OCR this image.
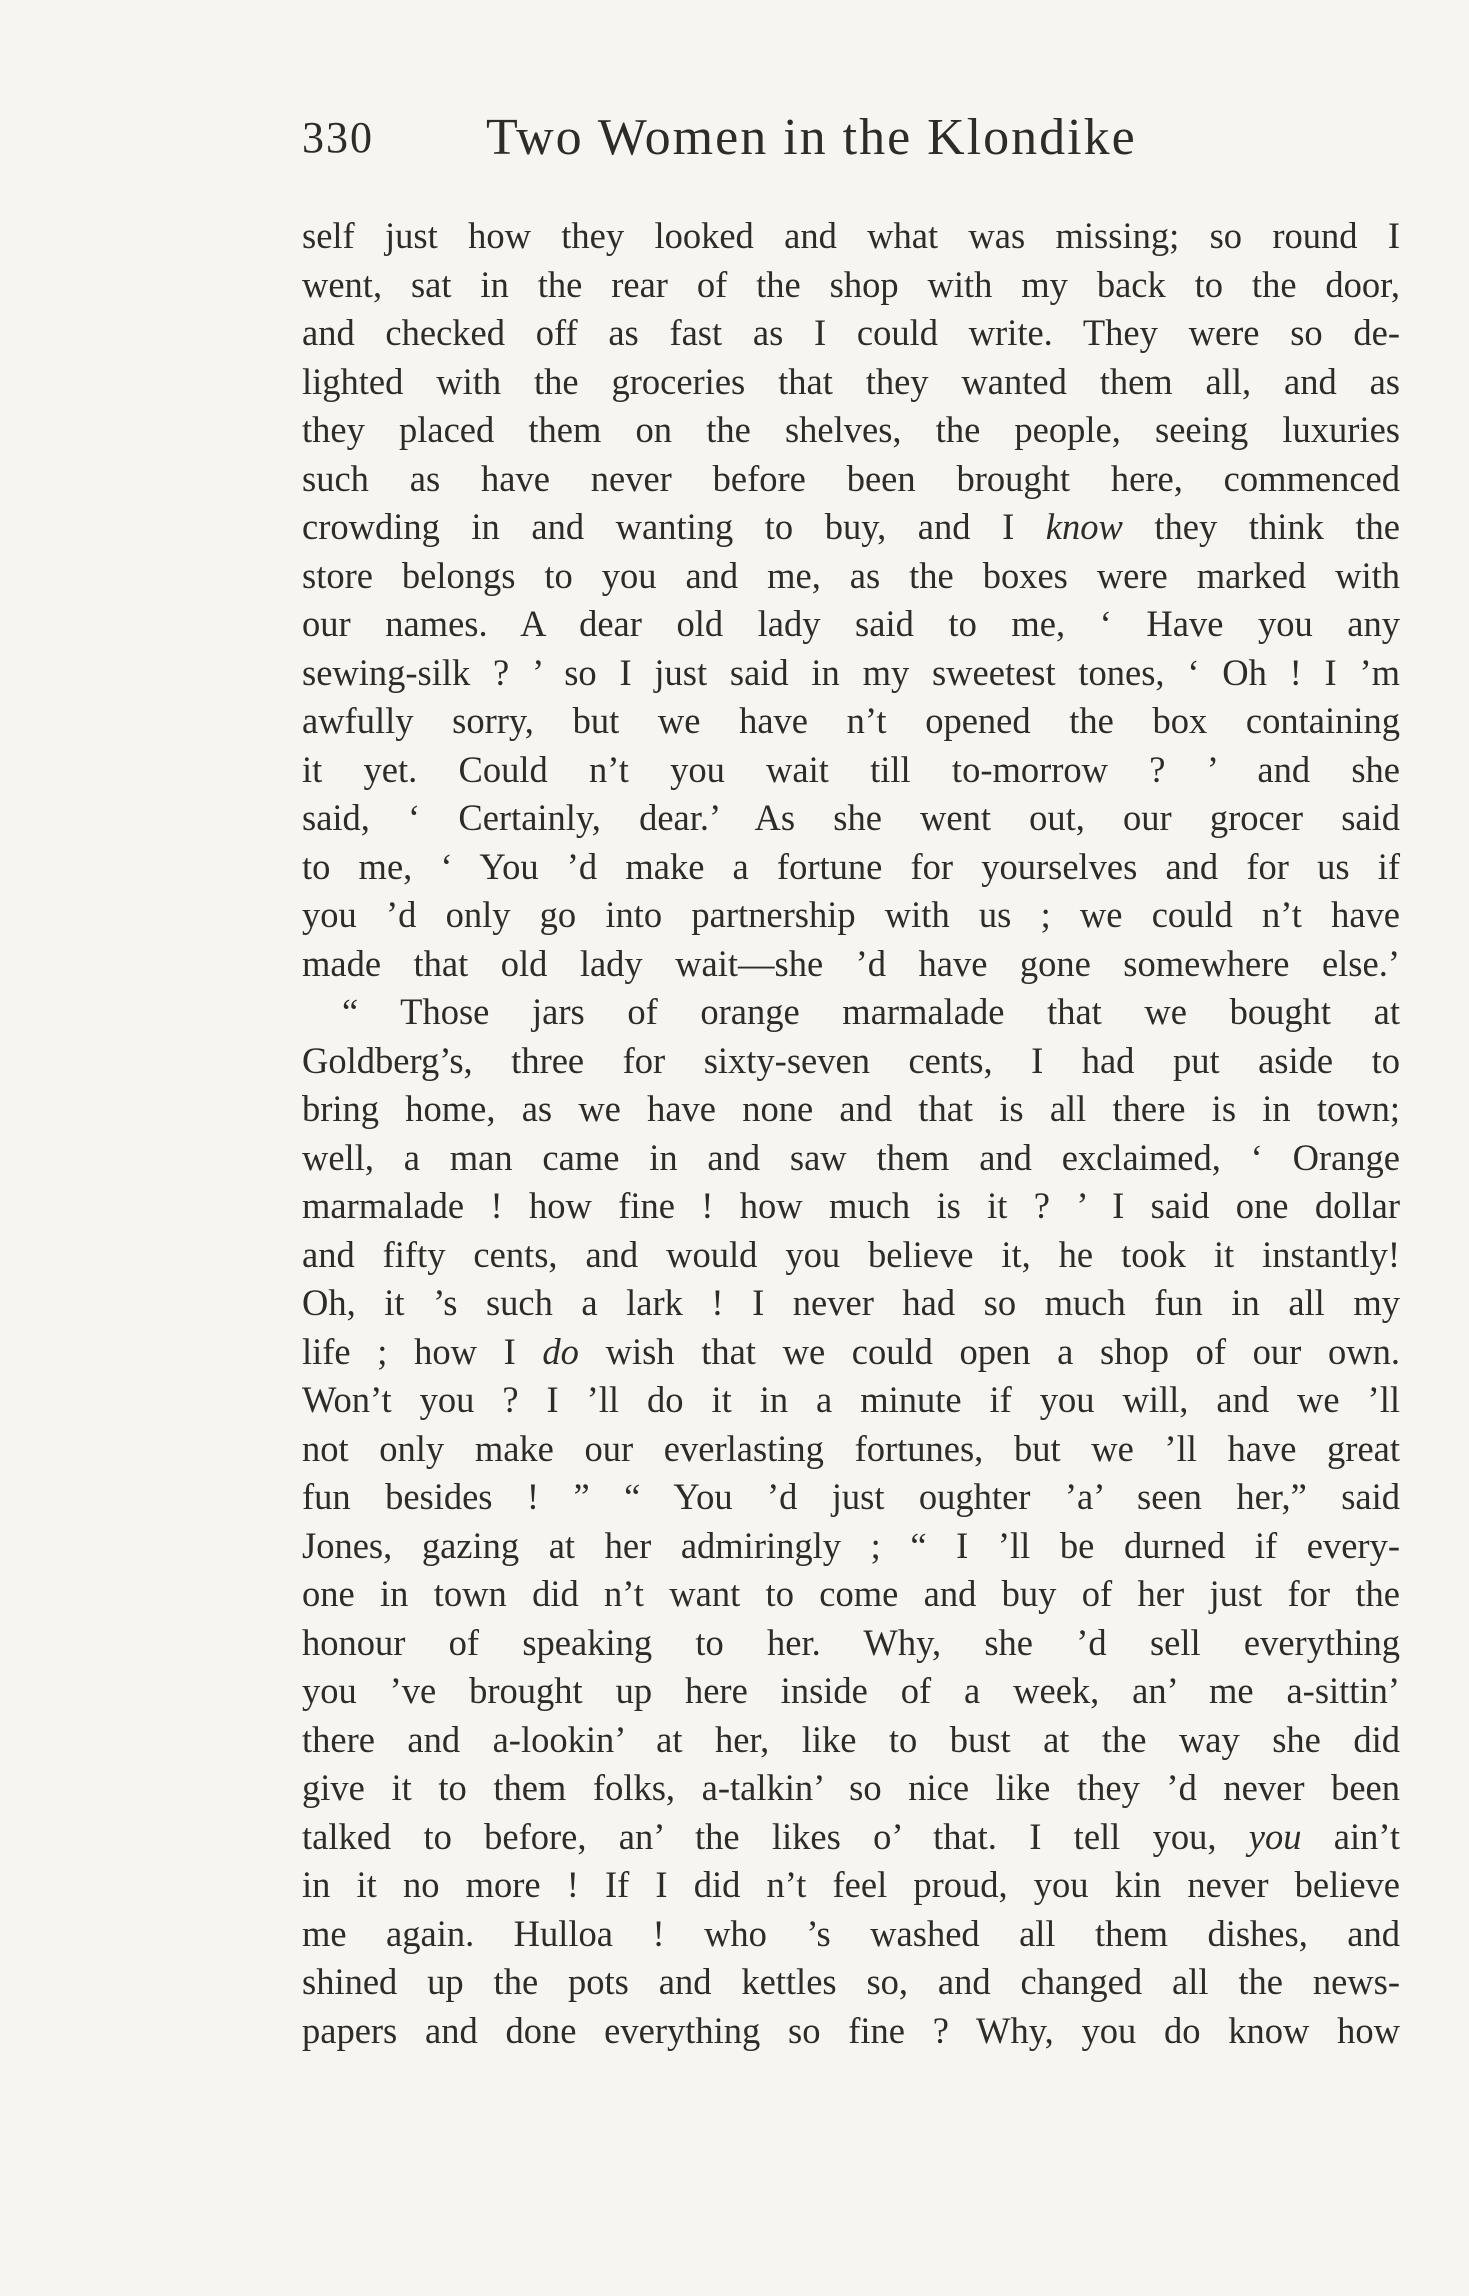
330 Two Women in the Klondike
self just how they looked and what was missing; so round I
went, sat in the rear of the shop with my back to the door,
and checked off as fast as I could write. They were so de-
lighted with the groceries that they wanted them all, and as
they placed them on the shelves, the people, seeing luxuries
such as have never before been brought here, commenced
crowding in and wanting to buy, and I know they think the
store belongs to you and me, as the boxes were marked with
our names. A dear old lady said to me, ‘ Have you any
sewing-silk ? ’ so I just said in my sweetest tones, ‘ Oh ! I ’m
awfully sorry, but we have n’t opened the box containing
it yet. Could n’t you wait till to-morrow ? ’ and she
said, ‘ Certainly, dear.’ As she went out, our grocer said
to me, ‘ You ’d make a fortune for yourselves and for us if
you ’d only go into partnership with us ; we could n’t have
made that old lady wait—she ’d have gone somewhere else.’
“ Those jars of orange marmalade that we bought at
Goldberg’s, three for sixty-seven cents, I had put aside to
bring home, as we have none and that is all there is in town;
well, a man came in and saw them and exclaimed, ‘ Orange
marmalade ! how fine ! how much is it ? ’ I said one dollar
and fifty cents, and would you believe it, he took it instantly!
Oh, it ’s such a lark ! I never had so much fun in all my
life ; how I do wish that we could open a shop of our own.
Won’t you ? I ’ll do it in a minute if you will, and we ’ll
not only make our everlasting fortunes, but we ’ll have great
fun besides ! ” “ You ’d just oughter ’a’ seen her,” said
Jones, gazing at her admiringly ; “ I ’ll be durned if every-
one in town did n’t want to come and buy of her just for the
honour of speaking to her. Why, she ’d sell everything
you ’ve brought up here inside of a week, an’ me a-sittin’
there and a-lookin’ at her, like to bust at the way she did
give it to them folks, a-talkin’ so nice like they ’d never been
talked to before, an’ the likes o’ that. I tell you, you ain’t
in it no more ! If I did n’t feel proud, you kin never believe
me again. Hulloa ! who ’s washed all them dishes, and
shined up the pots and kettles so, and changed all the news-
papers and done everything so fine ? Why, you do know how
